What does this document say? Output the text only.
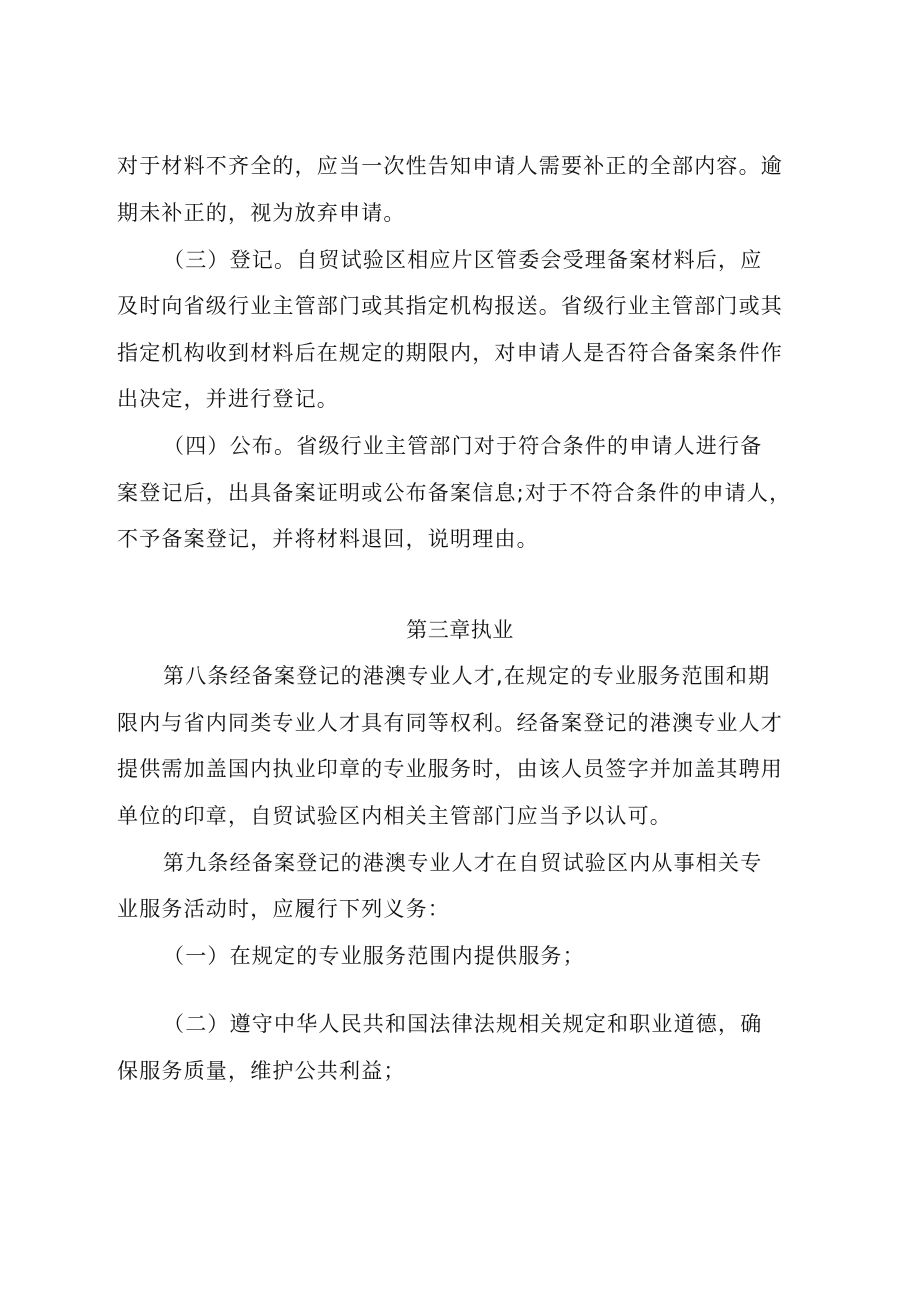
对于材料不齐全的，应当一次性告知申请人需要补正的全部内容。逾
期未补正的，视为放弃申请。
（三）登记。自贸试验区相应片区管委会受理备案材料后，应
及时向省级行业主管部门或其指定机构报送。省级行业主管部门或其
指定机构收到材料后在规定的期限内，对申请人是否符合备案条件作
出决定，并进行登记。
（四）公布。省级行业主管部门对于符合条件的申请人进行备
案登记后，出具备案证明或公布备案信息;对于不符合条件的申请人，
不予备案登记，并将材料退回，说明理由。
第三章执业
第八条经备案登记的港澳专业人才,在规定的专业服务范围和期
限内与省内同类专业人才具有同等权利。经备案登记的港澳专业人才
提供需加盖国内执业印章的专业服务时，由该人员签字并加盖其聘用
单位的印章，自贸试验区内相关主管部门应当予以认可。
第九条经备案登记的港澳专业人才在自贸试验区内从事相关专
业服务活动时，应履行下列义务：
（一）在规定的专业服务范围内提供服务；
（二）遵守中华人民共和国法律法规相关规定和职业道德，确
保服务质量，维护公共利益；
